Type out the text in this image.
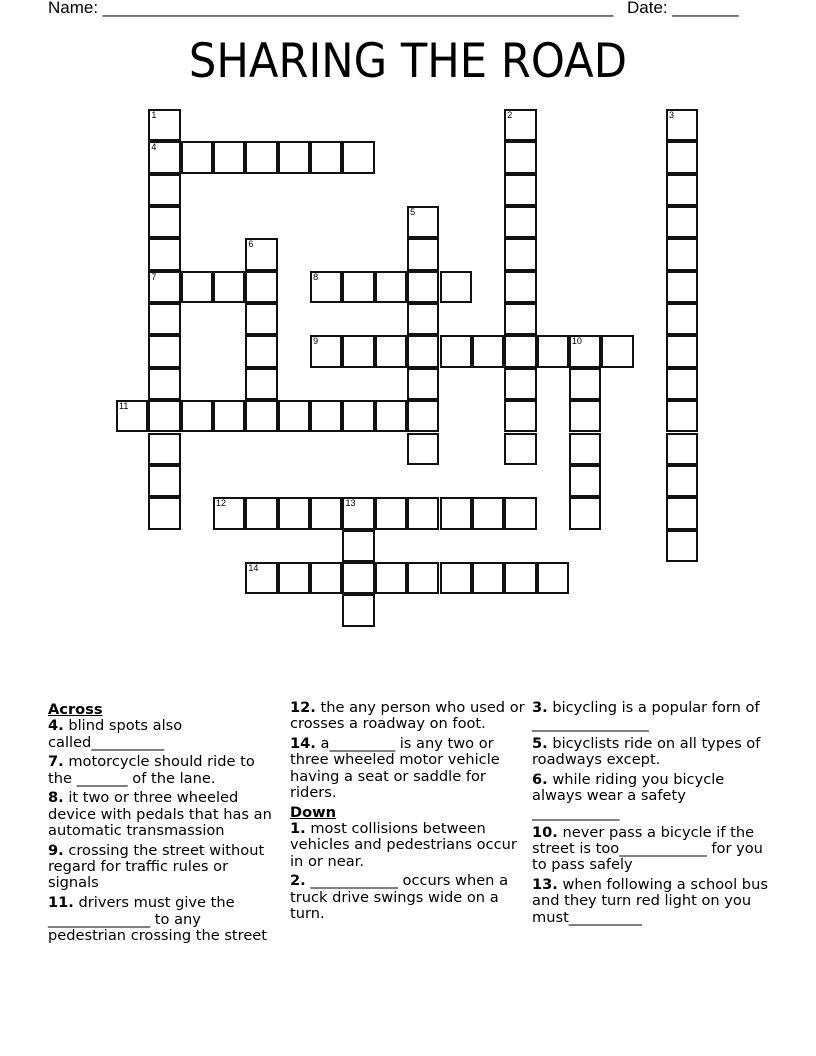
Name: ______________________________________________________ Date: _______
SHARING THE ROAD
1
4
7
2	3
5
6
8
9	10
11
12	13
14
Across
4. blind spots also called__________
7. motorcycle should ride to the _______ of the lane.
8. it two or three wheeled device with pedals that has an automatic transmassion
9. crossing the street without regard for traffic rules or signals
11. drivers must give the ______________ to any pedestrian crossing the street
12. the any person who used or crosses a roadway on foot.
14. a_________ is any two or three wheeled motor vehicle having a seat or saddle for riders.
Down
1. most collisions between vehicles and pedestrians occur in or near.
2. ____________ occurs when a truck drive swings wide on a turn.
3. bicycling is a popular forn of ________________
5. bicyclists ride on all types of roadways except.
6. while riding you bicycle always wear a safety ____________
10. never pass a bicycle if the street is too____________ for you to pass safely
13. when following a school bus and they turn red light on you must__________
